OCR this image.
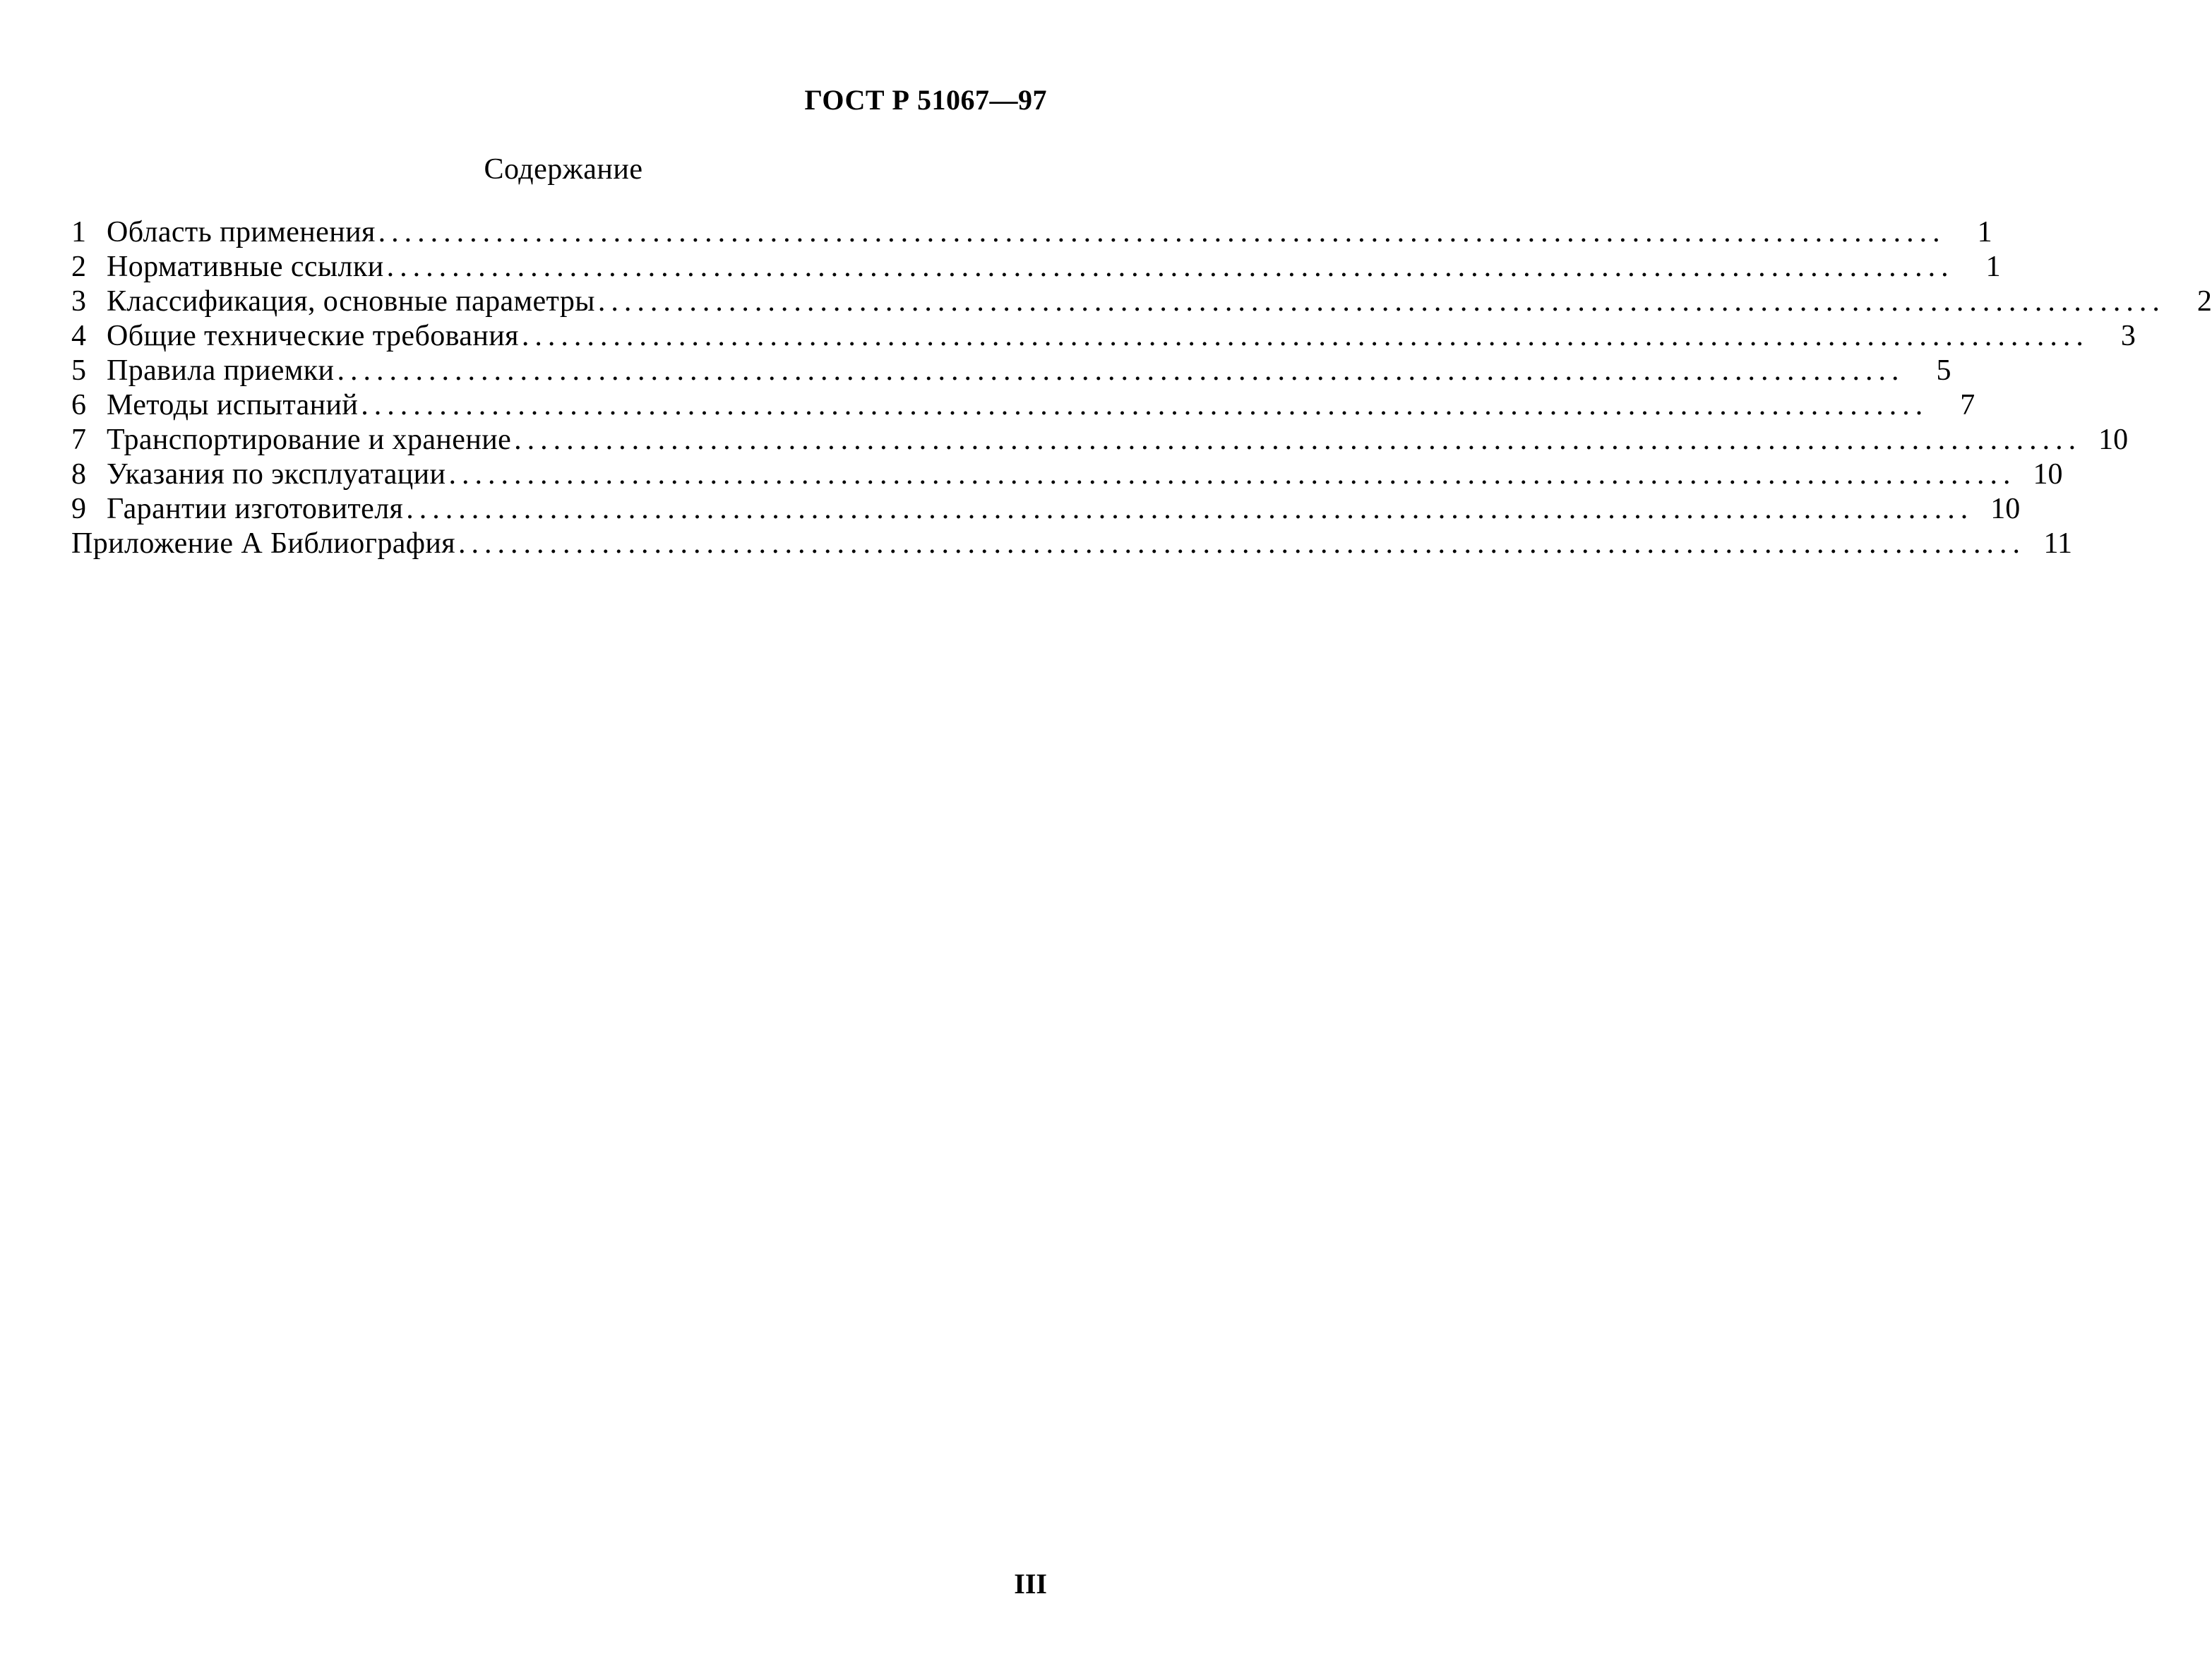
ГОСТ Р 51067—97
Содержание
1 Область применения ........................................................................................................................	1
2 Нормативные ссылки ........................................................................................................................	1
3 Классификация, основные параметры ........................................................................................................................	2
4 Общие технические требования ........................................................................................................................	3
5 Правила приемки ........................................................................................................................	5
6 Методы испытаний ........................................................................................................................	7
7 Транспортирование и хранение ........................................................................................................................ 10
8 Указания по эксплуатации ........................................................................................................................ 10
9 Гарантии изготовителя ........................................................................................................................ 10
Приложение А Библиография ........................................................................................................................ 11
III
